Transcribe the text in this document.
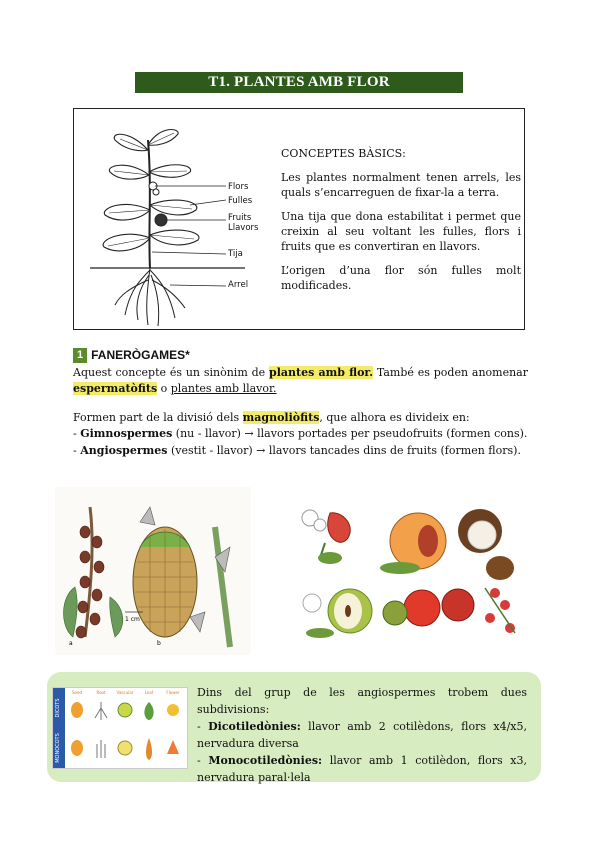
T1. PLANTES AMB FLOR
Flors
Fulles
Fruits
Llavors
Tija
Arrel

CONCEPTES BÀSICS:

Les plantes normalment tenen arrels, les quals s’encarreguen de fixar-la a terra.

Una tija que dona estabilitat i permet que creixin al seu voltant les fulles, flors i fruits que es convertiran en llavors.

L’origen d’una flor són fulles molt modificades.

1 FANERÒGAMES*

Aquest concepte és un sinònim de plantes amb flor. També es poden anomenar espermatòfits o plantes amb llavor.

Formen part de la divisió dels magnoliòfits, que alhora es divideix en:

- Gimnospermes (nu - llavor) → llavors portades per pseudofruits (formen cons).

- Angiospermes (vestit - llavor) → llavors tancades dins de fruits (formen flors).

1 cm
a	b
DICOTS
MONOCOTS
Seed	Root	Vascular	Leaf	Flower Dins del grup de les angiospermes trobem dues subdivisions:

- Dicotiledònies: llavor amb 2 cotilèdons, flors x4/x5, nervadura diversa

- Monocotiledònies: llavor amb 1 cotilèdon, flors x3, nervadura paral·lela
